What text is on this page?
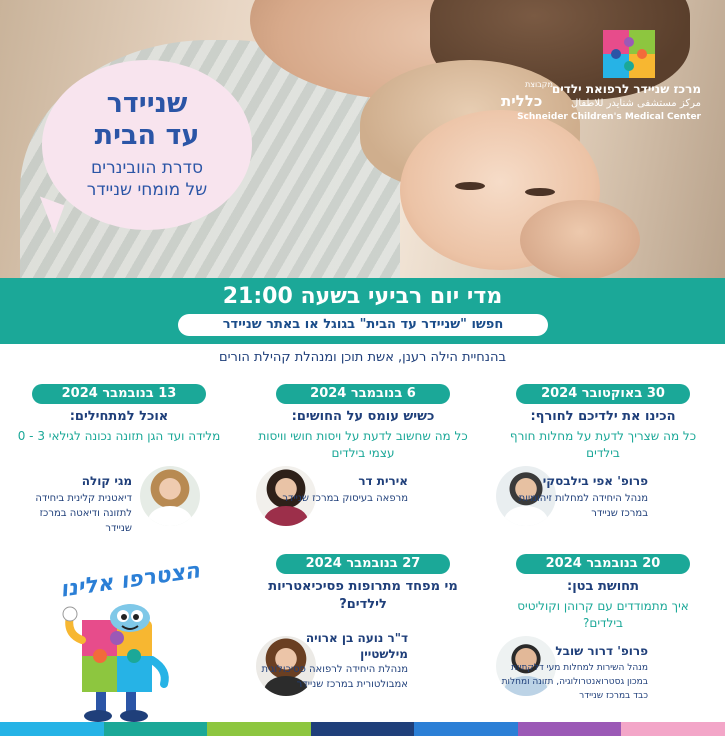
מקבוצת
כללית
מרכז שניידר לרפואת ילדים
مركز مستشفى شنايدر للاطفال
Schneider Children's Medical Center
שניידר
עד הבית
סדרת הוובינרים
של מומחי שניידר
מדי יום רביעי בשעה 21:00
חפשו "שניידר עד הבית" בגוגל או באתר שניידר
בהנחיית הילה רענן, אשת תוכן ומנהלת קהילת הורים
30 באוקטובר 2024
הכינו את ילדיכם לחורף:
כל מה שצריך לדעת על מחלות חורף בילדים
פרופ' אפי בילבסקי
מנהל היחידה למחלות זיהומיות במרכז שניידר
6 בנובמבר 2024
כשיש עומס על החושים:
כל מה שחשוב לדעת על ויסות חושי וויסות עצמי בילדים
אירית דר
מרפאה בעיסוק במרכז שניידר
13 בנובמבר 2024
אוכל למתחילים:
מלידה ועד הגן תזונה נכונה לגילאי 3 - 0
מגי קולה
דיאטנית קלינית ביחידה לתזונה ודיאטה במרכז שניידר
20 בנובמבר 2024
תחושת בטן:
איך מתמודדים עם קרוהן וקוליטיס בילדים?
פרופ' דרור שובל
מנהל השירות למחלות מעי דלקתיות במכון גסטרואנטרולוגיה, תזונה ומחלות כבד במרכז שניידר
27 בנובמבר 2024
מי מפחד מתרופות פסיכיאטריות לילדים?
ד"ר נועה בן ארויה מילשטיין
מנהלת היחידה לרפואה פסיכולוגית אמבולטורית במרכז שניידר
הצטרפו אלינו
